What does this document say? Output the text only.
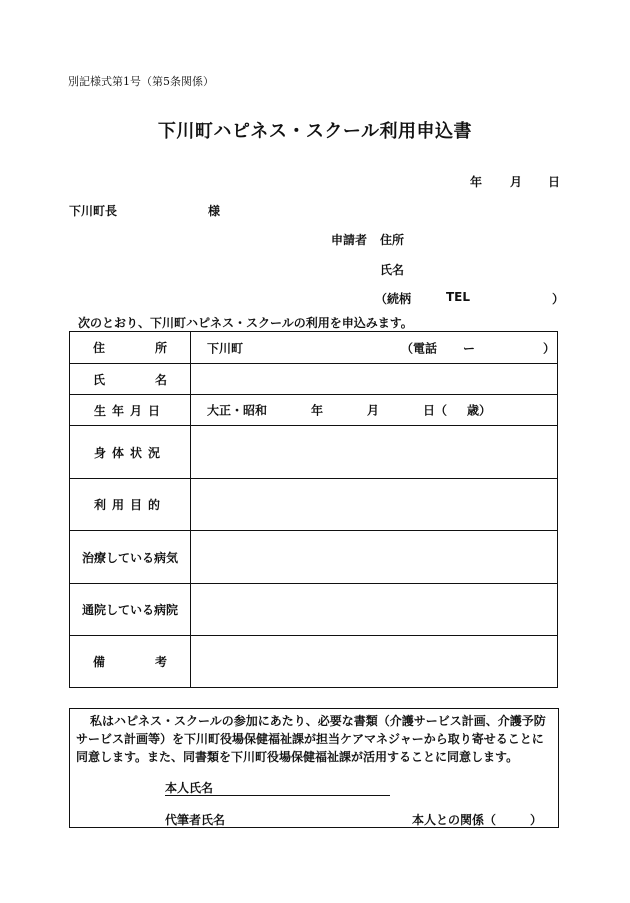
別記様式第1号（第5条関係）
下川町ハピネス・スクール利用申込書
年 月 日
下川町長	様
申請者 住所
氏名
（続柄	TEL	）
次のとおり、下川町ハピネス・スクールの利用を申込みます。
住	所	下川町	（電話 ー	）
氏	名
生年月日	大正・昭和	年	月	日（ 歳）
身体状況
利用目的
治療している病気
通院している病院
備	考
私はハピネス・スクールの参加にあたり、必要な書類（介護サービス計画、介護予防サービス計画等）を下川町役場保健福祉課が担当ケアマネジャーから取り寄せることに同意します。また、同書類を下川町役場保健福祉課が活用することに同意します。
本人氏名
代筆者氏名	本人との関係（	）
